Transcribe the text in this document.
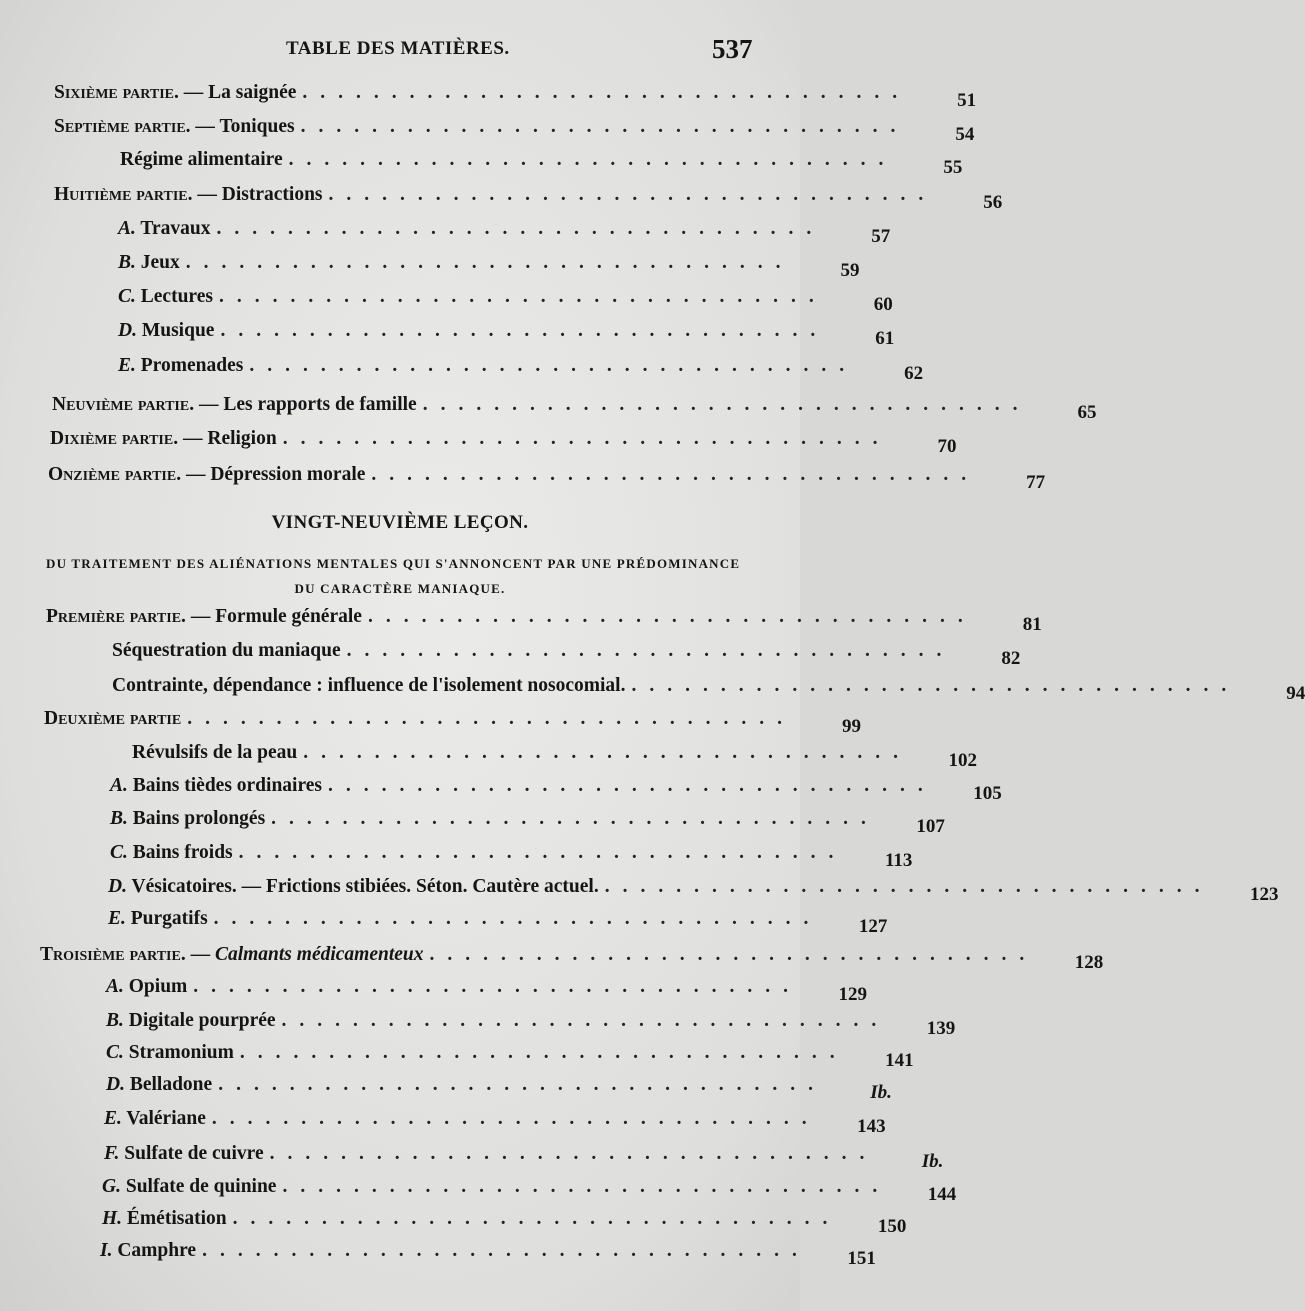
TABLE DES MATIÈRES.	537
Sixième partie. — La saignée ..................................	51
Septième partie. — Toniques ..................................	54
Régime alimentaire ..................................	55
Huitième partie. — Distractions ..................................	56
A. Travaux ..................................	57
B. Jeux ..................................	59
C. Lectures ..................................	60
D. Musique ..................................	61
E. Promenades ..................................	62
Neuvième partie. — Les rapports de famille ..................................	65
Dixième partie. — Religion ..................................	70
Onzième partie. — Dépression morale ..................................	77
VINGT-NEUVIÈME LEÇON.
DU TRAITEMENT DES ALIÉNATIONS MENTALES QUI S'ANNONCENT PAR UNE PRÉDOMINANCE
DU CARACTÈRE MANIAQUE.
Première partie. — Formule générale ..................................	81
Séquestration du maniaque ..................................	82
Contrainte, dépendance : influence de l'isolement nosocomial. ..................................	94
Deuxième partie ..................................	99
Révulsifs de la peau ..................................	102
A. Bains tièdes ordinaires ..................................	105
B. Bains prolongés ..................................	107
C. Bains froids ..................................	113
D. Vésicatoires. — Frictions stibiées. Séton. Cautère actuel. ..................................	123
E. Purgatifs ..................................	127
Troisième partie. — Calmants médicamenteux ..................................	128
A. Opium ..................................	129
B. Digitale pourprée ..................................	139
C. Stramonium ..................................	141
D. Belladone ..................................	Ib.
E. Valériane ..................................	143
F. Sulfate de cuivre ..................................	Ib.
G. Sulfate de quinine ..................................	144
H. Émétisation ..................................	150
I. Camphre ..................................	151
